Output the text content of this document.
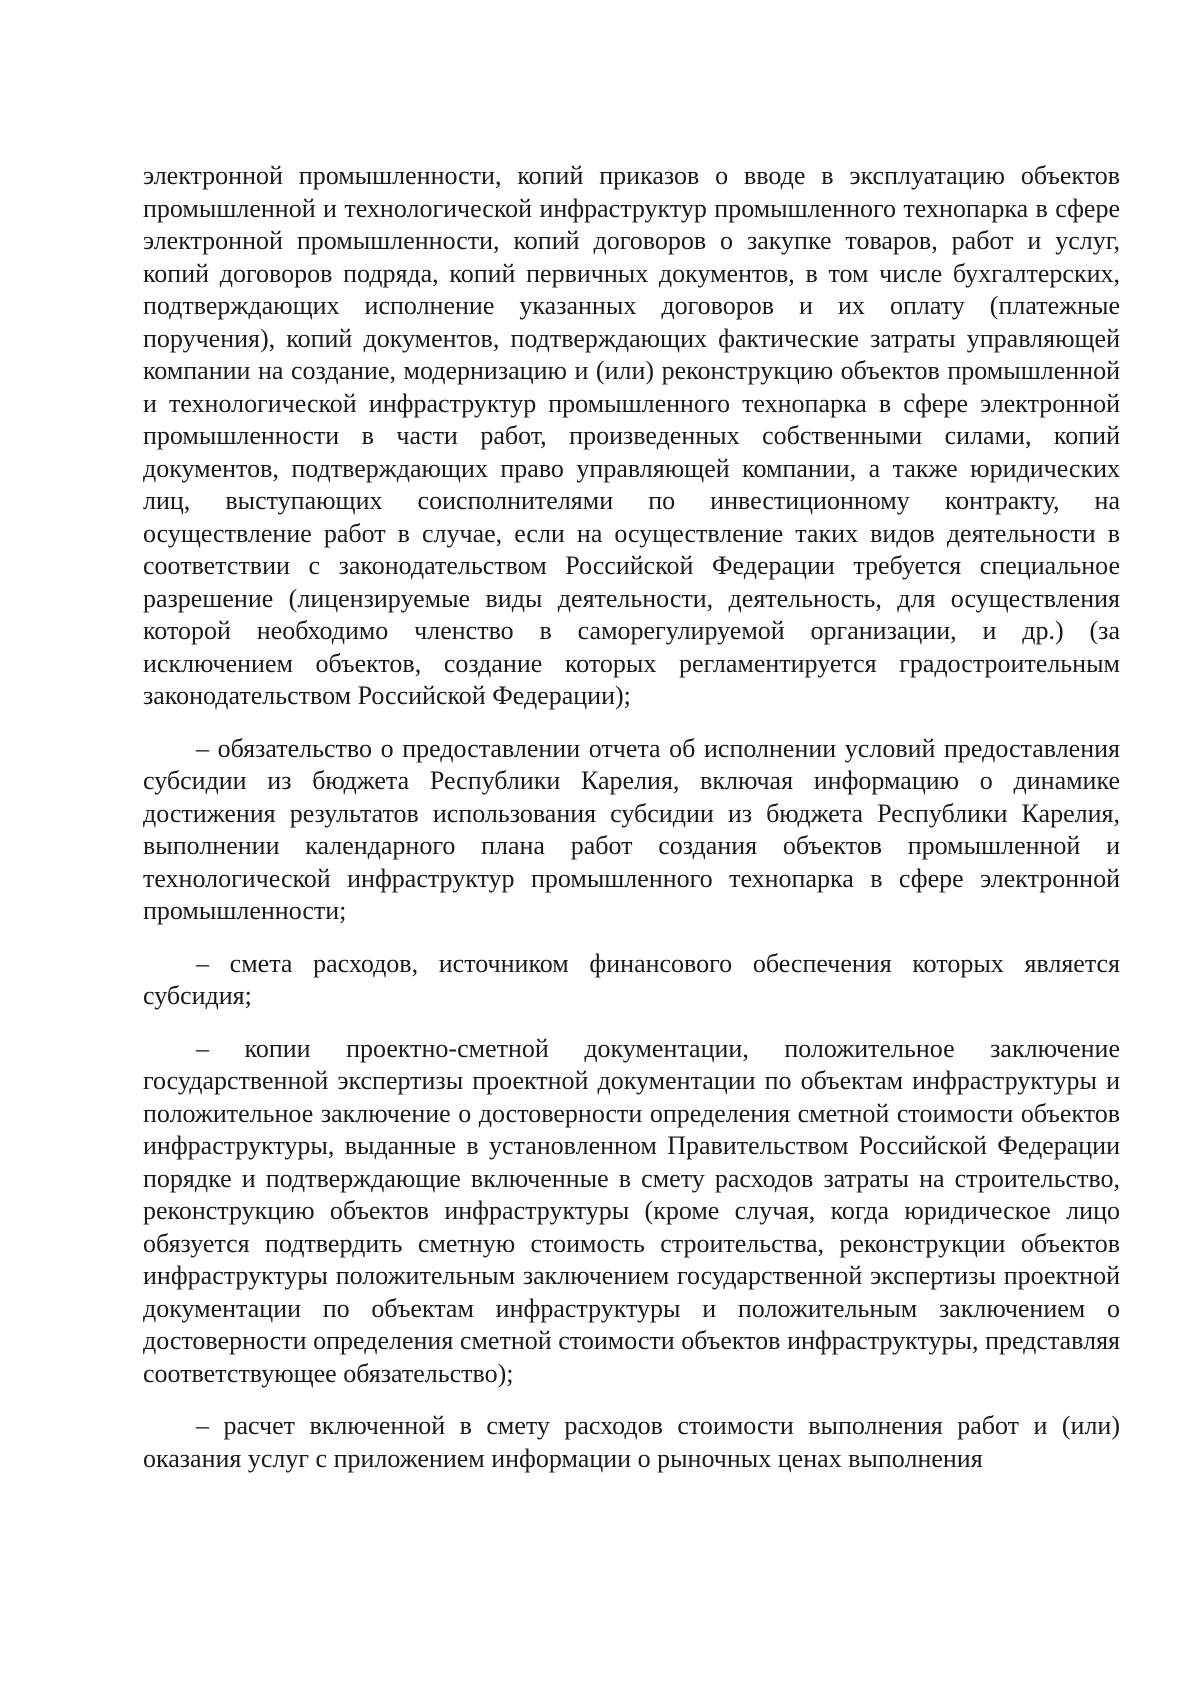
электронной промышленности, копий приказов о вводе в эксплуатацию объектов промышленной и технологической инфраструктур промышленного технопарка в сфере электронной промышленности, копий договоров о закупке товаров, работ и услуг, копий договоров подряда, копий первичных документов, в том числе бухгалтерских, подтверждающих исполнение указанных договоров и их оплату (платежные поручения), копий документов, подтверждающих фактические затраты управляющей компании на создание, модернизацию и (или) реконструкцию объектов промышленной и технологической инфраструктур промышленного технопарка в сфере электронной промышленности в части работ, произведенных собственными силами, копий документов, подтверждающих право управляющей компании, а также юридических лиц, выступающих соисполнителями по инвестиционному контракту, на осуществление работ в случае, если на осуществление таких видов деятельности в соответствии с законодательством Российской Федерации требуется специальное разрешение (лицензируемые виды деятельности, деятельность, для осуществления которой необходимо членство в саморегулируемой организации, и др.) (за исключением объектов, создание которых регламентируется градостроительным законодательством Российской Федерации);

– обязательство о предоставлении отчета об исполнении условий предоставления субсидии из бюджета Республики Карелия, включая информацию о динамике достижения результатов использования субсидии из бюджета Республики Карелия, выполнении календарного плана работ создания объектов промышленной и технологической инфраструктур промышленного технопарка в сфере электронной промышленности;

– смета расходов, источником финансового обеспечения которых является субсидия;

– копии проектно-сметной документации, положительное заключение государственной экспертизы проектной документации по объектам инфраструктуры и положительное заключение о достоверности определения сметной стоимости объектов инфраструктуры, выданные в установленном Правительством Российской Федерации порядке и подтверждающие включенные в смету расходов затраты на строительство, реконструкцию объектов инфраструктуры (кроме случая, когда юридическое лицо обязуется подтвердить сметную стоимость строительства, реконструкции объектов инфраструктуры положительным заключением государственной экспертизы проектной документации по объектам инфраструктуры и положительным заключением о достоверности определения сметной стоимости объектов инфраструктуры, представляя соответствующее обязательство);

– расчет включенной в смету расходов стоимости выполнения работ и (или) оказания услуг с приложением информации о рыночных ценах выполнения
